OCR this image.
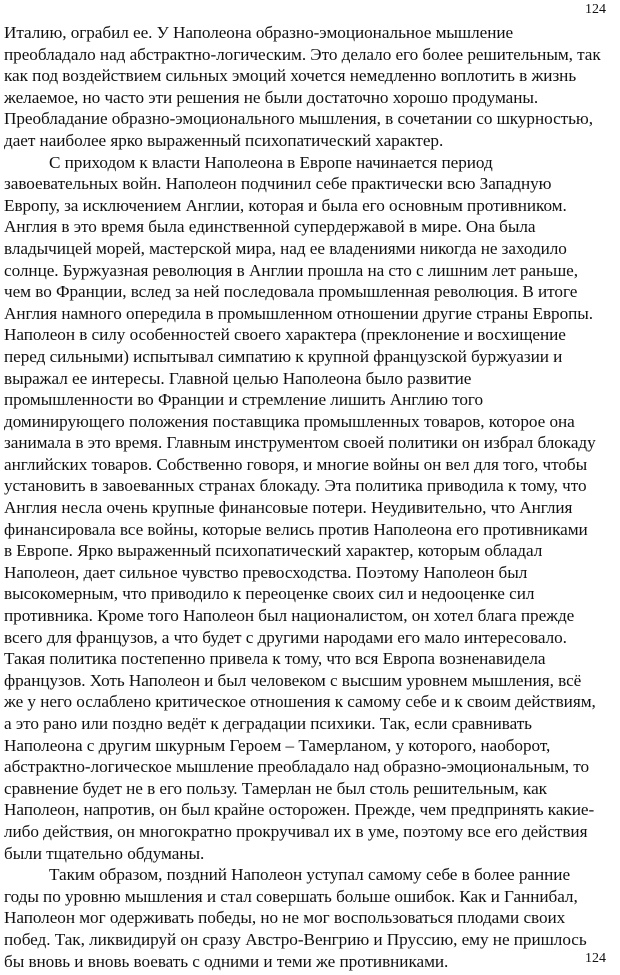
124
Италию, ограбил ее. У Наполеона образно-эмоциональное мышление
преобладало над абстрактно-логическим. Это делало его более решительным, так
как под воздействием сильных эмоций хочется немедленно воплотить в жизнь
желаемое, но часто эти решения не были достаточно хорошо продуманы.
Преобладание образно-эмоционального мышления, в сочетании со шкурностью,
дает наиболее ярко выраженный психопатический характер.
С приходом к власти Наполеона в Европе начинается период
завоевательных войн. Наполеон подчинил себе практически всю Западную
Европу, за исключением Англии, которая и была его основным противником.
Англия в это время была единственной супердержавой в мире. Она была
владычицей морей, мастерской мира, над ее владениями никогда не заходило
солнце. Буржуазная революция в Англии прошла на сто с лишним лет раньше,
чем во Франции, вслед за ней последовала промышленная революция. В итоге
Англия намного опередила в промышленном отношении другие страны Европы.
Наполеон в силу особенностей своего характера (преклонение и восхищение
перед сильными) испытывал симпатию к крупной французской буржуазии и
выражал ее интересы. Главной целью Наполеона было развитие
промышленности во Франции и стремление лишить Англию того
доминирующего положения поставщика промышленных товаров, которое она
занимала в это время. Главным инструментом своей политики он избрал блокаду
английских товаров. Собственно говоря, и многие войны он вел для того, чтобы
установить в завоеванных странах блокаду. Эта политика приводила к тому, что
Англия несла очень крупные финансовые потери. Неудивительно, что Англия
финансировала все войны, которые велись против Наполеона его противниками
в Европе. Ярко выраженный психопатический характер, которым обладал
Наполеон, дает сильное чувство превосходства. Поэтому Наполеон был
высокомерным, что приводило к переоценке своих сил и недооценке сил
противника. Кроме того Наполеон был националистом, он хотел блага прежде
всего для французов, а что будет с другими народами его мало интересовало.
Такая политика постепенно привела к тому, что вся Европа возненавидела
французов. Хоть Наполеон и был человеком с высшим уровнем мышления, всё
же у него ослаблено критическое отношения к самому себе и к своим действиям,
а это рано или поздно ведёт к деградации психики. Так, если сравнивать
Наполеона с другим шкурным Героем – Тамерланом, у которого, наоборот,
абстрактно-логическое мышление преобладало над образно-эмоциональным, то
сравнение будет не в его пользу. Тамерлан не был столь решительным, как
Наполеон, напротив, он был крайне осторожен. Прежде, чем предпринять какие-
либо действия, он многократно прокручивал их в уме, поэтому все его действия
были тщательно обдуманы.
Таким образом, поздний Наполеон уступал самому себе в более ранние
годы по уровню мышления и стал совершать больше ошибок. Как и Ганнибал,
Наполеон мог одерживать победы, но не мог воспользоваться плодами своих
побед. Так, ликвидируй он сразу Австро-Венгрию и Пруссию, ему не пришлось
бы вновь и вновь воевать с одними и теми же противниками.	124
